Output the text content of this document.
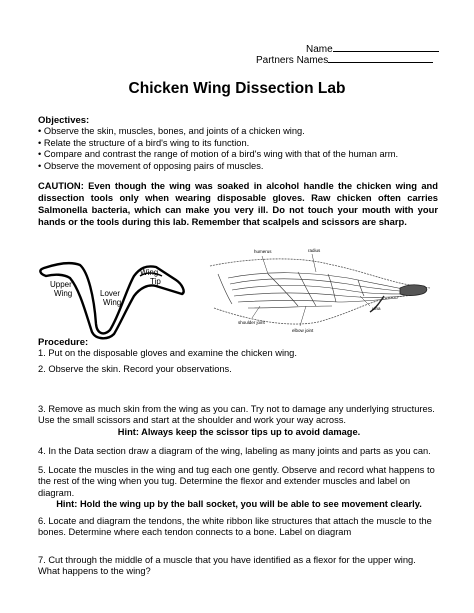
Name
Partners Names
Chicken Wing Dissection Lab
Objectives:
• Observe the skin, muscles, bones, and joints of a chicken wing.
• Relate the structure of a bird's wing to its function.
• Compare and contrast the range of motion of a bird's wing with that of the human arm.
• Observe the movement of opposing pairs of muscles.
CAUTION: Even though the wing was soaked in alcohol handle the chicken wing and dissection tools only when wearing disposable gloves. Raw chicken often carries Salmonella bacteria, which can make you very ill. Do not touch your mouth with your hands or the tools during this lab. Remember that scalpels and scissors are sharp.
Upper
Wing	Lover
Wing
Wing
Tip
humerus	radius
ulna
shoulder joint
elbow joint
Procedure:
1. Put on the disposable gloves and examine the chicken wing.
2. Observe the skin. Record your observations.
3. Remove as much skin from the wing as you can. Try not to damage any underlying structures. Use the small scissors and start at the shoulder and work your way across.
Hint: Always keep the scissor tips up to avoid damage.
4. In the Data section draw a diagram of the wing, labeling as many joints and parts as you can.
5. Locate the muscles in the wing and tug each one gently. Observe and record what happens to the rest of the wing when you tug. Determine the flexor and extender muscles and label on diagram.
Hint: Hold the wing up by the ball socket, you will be able to see movement clearly.
6. Locate and diagram the tendons, the white ribbon like structures that attach the muscle to the bones. Determine where each tendon connects to a bone. Label on diagram
7. Cut through the middle of a muscle that you have identified as a flexor for the upper wing. What happens to the wing?
